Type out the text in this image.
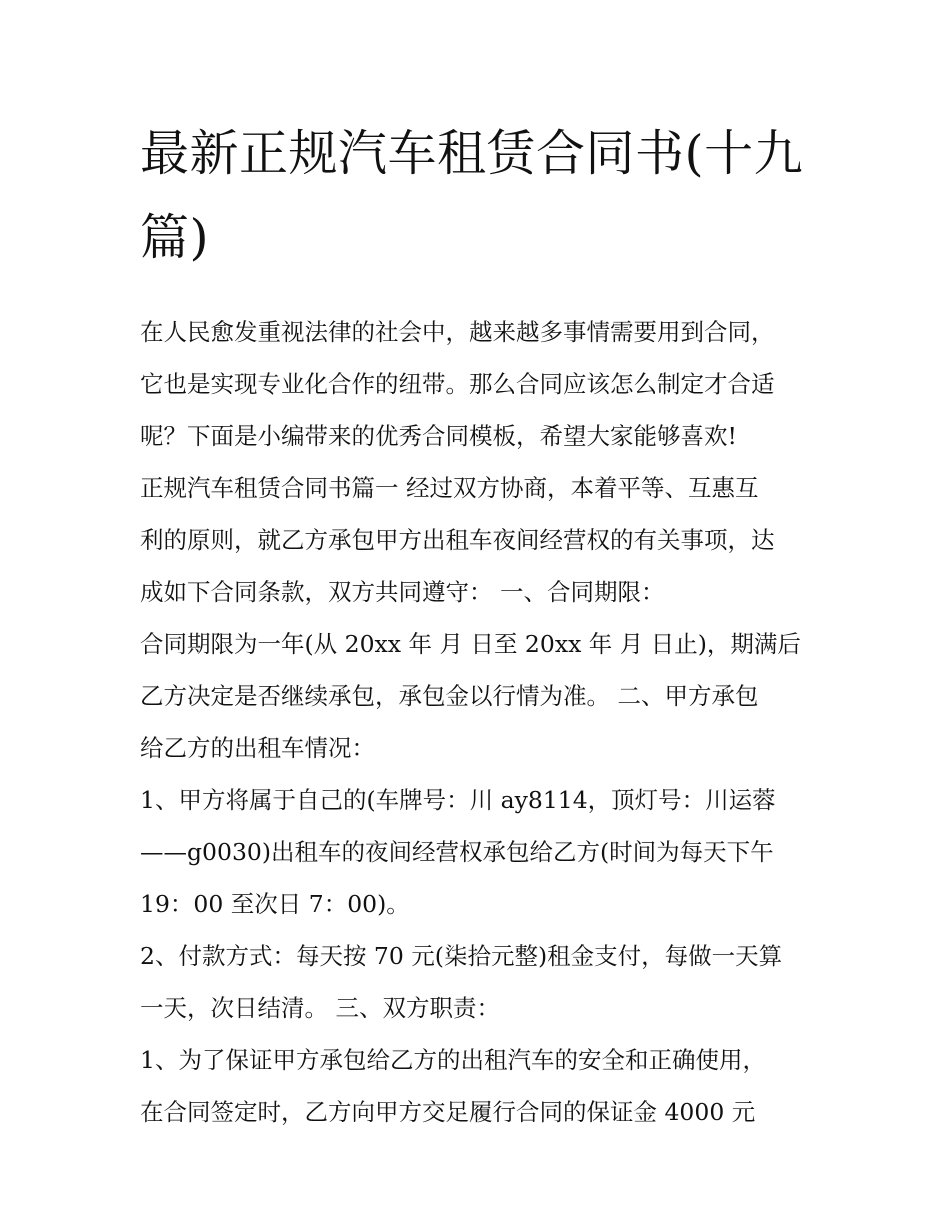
最新正规汽车租赁合同书(十九篇)

在人民愈发重视法律的社会中，越来越多事情需要用到合同，
它也是实现专业化合作的纽带。那么合同应该怎么制定才合适
呢？下面是小编带来的优秀合同模板，希望大家能够喜欢!

正规汽车租赁合同书篇一 经过双方协商，本着平等、互惠互
利的原则，就乙方承包甲方出租车夜间经营权的有关事项，达
成如下合同条款，双方共同遵守： 一、合同期限：

合同期限为一年(从 20xx 年 月 日至 20xx 年 月 日止)，期满后
乙方决定是否继续承包，承包金以行情为准。 二、甲方承包
给乙方的出租车情况：

1、甲方将属于自己的(车牌号：川 ay8114，顶灯号：川运蓉
——g0030)出租车的夜间经营权承包给乙方(时间为每天下午
19：00 至次日 7：00)。

2、付款方式：每天按 70 元(柒拾元整)租金支付，每做一天算
一天，次日结清。 三、双方职责：

1、为了保证甲方承包给乙方的出租汽车的安全和正确使用，
在合同签定时，乙方向甲方交足履行合同的保证金 4000 元
